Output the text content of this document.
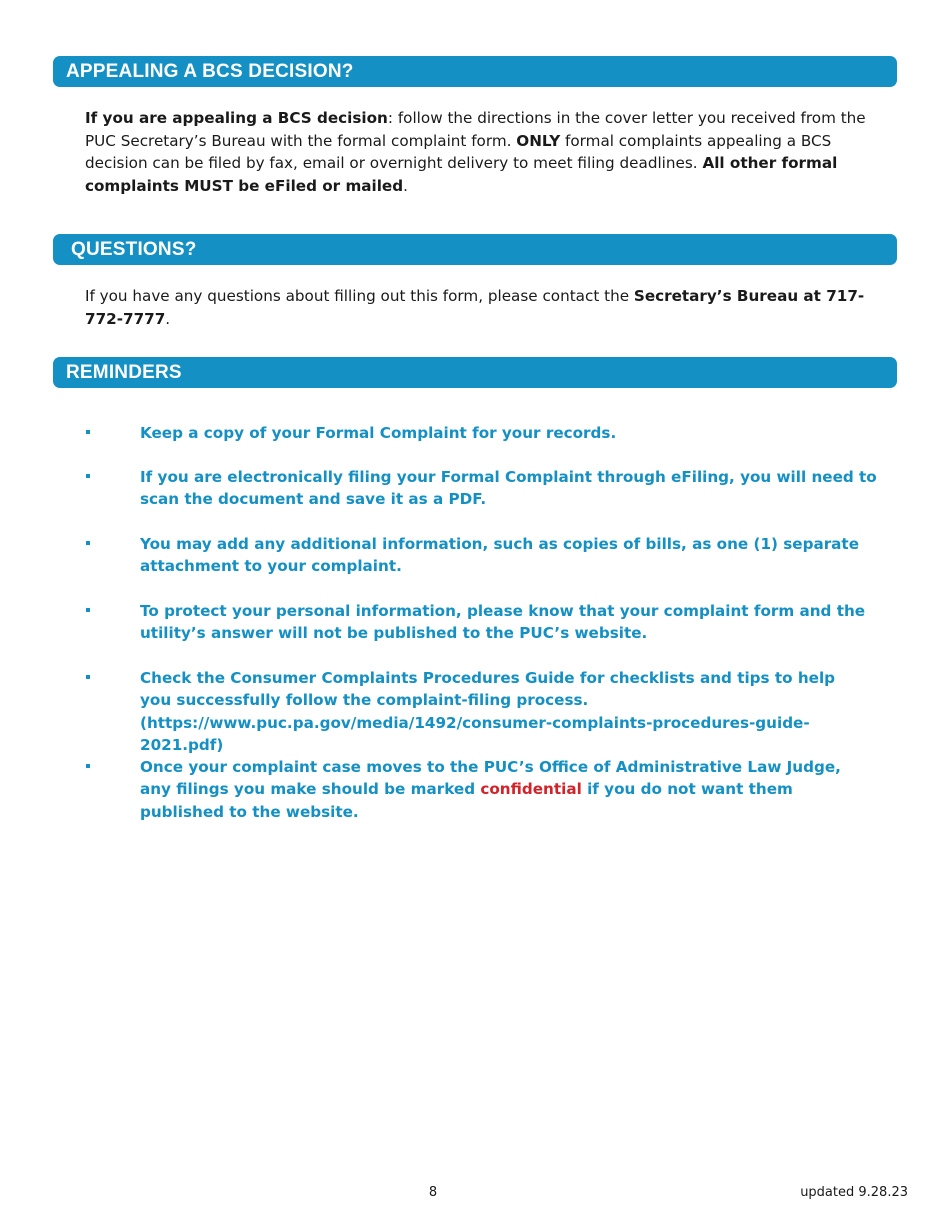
APPEALING A BCS DECISION?

If you are appealing a BCS decision: follow the directions in the cover letter you received from the PUC Secretary’s Bureau with the formal complaint form. ONLY formal complaints appealing a BCS decision can be filed by fax, email or overnight delivery to meet filing deadlines. All other formal complaints MUST be eFiled or mailed.

QUESTIONS?

If you have any questions about filling out this form, please contact the Secretary’s Bureau at 717-772-7777.

REMINDERS
Keep a copy of your Formal Complaint for your records.
If you are electronically filing your Formal Complaint through eFiling, you will need to scan the document and save it as a PDF.
You may add any additional information, such as copies of bills, as one (1) separate attachment to your complaint.
To protect your personal information, please know that your complaint form and the utility’s answer will not be published to the PUC’s website.
Check the Consumer Complaints Procedures Guide for checklists and tips to help
you successfully follow the complaint-filing process.
(https://www.puc.pa.gov/media/1492/consumer-complaints-procedures-guide-2021.pdf)
Once your complaint case moves to the PUC’s Office of Administrative Law Judge,
any filings you make should be marked confidential if you do not want them published to the website.
8	updated 9.28.23
